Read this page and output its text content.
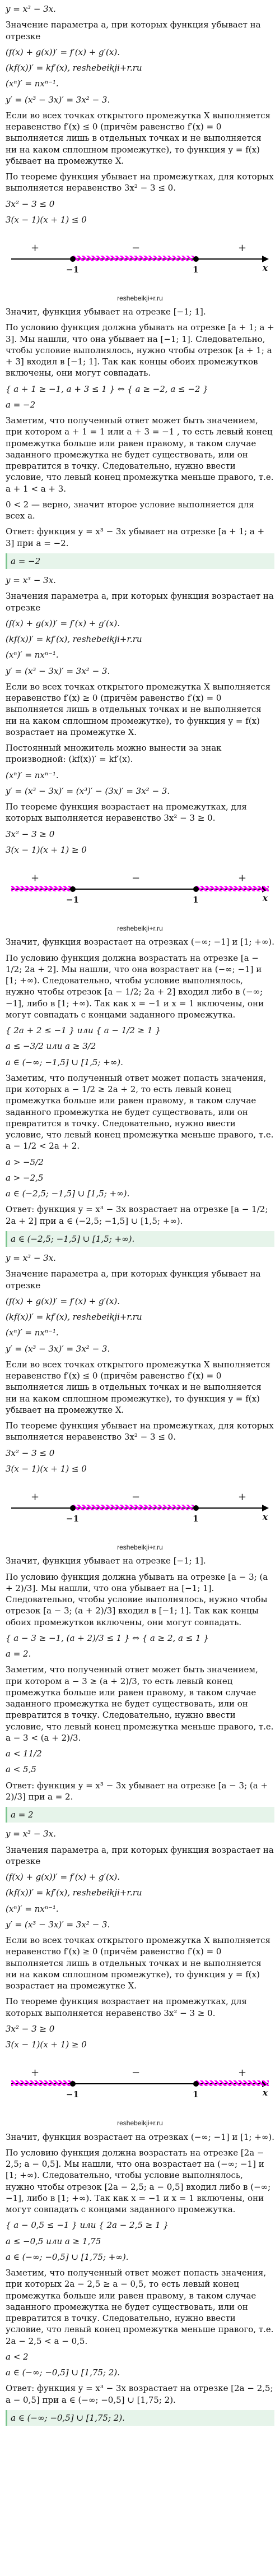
y = x³ − 3x.
Значение параметра a, при которых функция убывает на отрезке
(f(x) + g(x))′ = f′(x) + g′(x).
(kf(x))′ = kf′(x), reshebeikji+r.ru
(xⁿ)′ = nxⁿ⁻¹.
y′ = (x³ − 3x)′ = 3x² − 3.
Если во всех точках открытого промежутка X выполняется неравенство f′(x) ≤ 0 (причём равенство f′(x) = 0 выполняется лишь в отдельных точках и не выполняется ни на каком сплошном промежутке), то функция y = f(x) убывает на промежутке X.
По теореме функция убывает на промежутках, для которых выполняется неравенство 3x² − 3 ≤ 0.
3x² − 3 ≤ 0
3(x − 1)(x + 1) ≤ 0
−1	1
+	−	+
x
reshebeikji+r.ru
Значит, функция убывает на отрезке [−1; 1].
По условию функция должна убывать на отрезке [a + 1; a + 3]. Мы нашли, что она убывает на [−1; 1]. Следовательно, чтобы условие выполнялось, нужно чтобы отрезок [a + 1; a + 3] входил в [−1; 1]. Так как концы обоих промежутков включены, они могут совпадать.
{ a + 1 ≥ −1, a + 3 ≤ 1 } ⇔ { a ≥ −2, a ≤ −2 }
a = −2
Заметим, что полученный ответ может быть значением, при котором a + 1 = 1 или a + 3 = −1 , то есть левый конец промежутка больше или равен правому, в таком случае заданного промежутка не будет существовать, или он превратится в точку. Следовательно, нужно ввести условие, что левый конец промежутка меньше правого, т.е. a + 1 < a + 3.
0 < 2 — верно, значит второе условие выполняется для всех a.
Ответ: функция y = x³ − 3x убывает на отрезке [a + 1; a + 3] при a = −2.
a = −2
y = x³ − 3x.
Значения параметра a, при которых функция возрастает на отрезке
(f(x) + g(x))′ = f′(x) + g′(x).
(kf(x))′ = kf′(x), reshebeikji+r.ru
(xⁿ)′ = nxⁿ⁻¹.
y′ = (x³ − 3x)′ = 3x² − 3.
Если во всех точках открытого промежутка X выполняется неравенство f′(x) ≥ 0 (причём равенство f′(x) = 0 выполняется лишь в отдельных точках и не выполняется ни на каком сплошном промежутке), то функция y = f(x) возрастает на промежутке X.
Постоянный множитель можно вынести за знак производной: (kf(x))′ = kf′(x).
(xⁿ)′ = nxⁿ⁻¹.
y′ = (x³ − 3x)′ = (x³)′ − (3x)′ = 3x² − 3.
По теореме функция возрастает на промежутках, для которых выполняется неравенство 3x² − 3 ≥ 0.
3x² − 3 ≥ 0
3(x − 1)(x + 1) ≥ 0
−1	1
+	−	+
x
reshebeikji+r.ru
Значит, функция возрастает на отрезках (−∞; −1] и [1; +∞).
По условию функция должна возрастать на отрезке [a − 1/2; 2a + 2]. Мы нашли, что она возрастает на (−∞; −1] и [1; +∞). Следовательно, чтобы условие выполнялось, нужно чтобы отрезок [a − 1/2; 2a + 2] входил либо в (−∞; −1], либо в [1; +∞). Так как x = −1 и x = 1 включены, они могут совпадать с концами заданного промежутка.
{ 2a + 2 ≤ −1 } или { a − 1/2 ≥ 1 }
a ≤ −3/2 или a ≥ 3/2
a ∈ (−∞; −1,5] ∪ [1,5; +∞).
Заметим, что полученный ответ может попасть значения, при которых a − 1/2 ≥ 2a + 2, то есть левый конец промежутка больше или равен правому, в таком случае заданного промежутка не будет существовать, или он превратится в точку. Следовательно, нужно ввести условие, что левый конец промежутка меньше правого, т.е. a − 1/2 < 2a + 2.
a > −5/2
a > −2,5
a ∈ (−2,5; −1,5] ∪ [1,5; +∞).
Ответ: функция y = x³ − 3x возрастает на отрезке [a − 1/2; 2a + 2] при a ∈ (−2,5; −1,5] ∪ [1,5; +∞).
a ∈ (−2,5; −1,5] ∪ [1,5; +∞).
y = x³ − 3x.
Значение параметра a, при которых функция убывает на отрезке
(f(x) + g(x))′ = f′(x) + g′(x).
(kf(x))′ = kf′(x), reshebeikji+r.ru
(xⁿ)′ = nxⁿ⁻¹.
y′ = (x³ − 3x)′ = 3x² − 3.
Если во всех точках открытого промежутка X выполняется неравенство f′(x) ≤ 0 (причём равенство f′(x) = 0 выполняется лишь в отдельных точках и не выполняется ни на каком сплошном промежутке), то функция y = f(x) убывает на промежутке X.
По теореме функция убывает на промежутках, для которых выполняется неравенство 3x² − 3 ≤ 0.
3x² − 3 ≤ 0
3(x − 1)(x + 1) ≤ 0
−1	1
+	−	+
x
reshebeikji+r.ru
Значит, функция убывает на отрезке [−1; 1].
По условию функция должна убывать на отрезке [a − 3; (a + 2)/3]. Мы нашли, что она убывает на [−1; 1]. Следовательно, чтобы условие выполнялось, нужно чтобы отрезок [a − 3; (a + 2)/3] входил в [−1; 1]. Так как концы обоих промежутков включены, они могут совпадать.
{ a − 3 ≥ −1, (a + 2)/3 ≤ 1 } ⇔ { a ≥ 2, a ≤ 1 }
a = 2.
Заметим, что полученный ответ может быть значением, при котором a − 3 ≥ (a + 2)/3, то есть левый конец промежутка больше или равен правому, в таком случае заданного промежутка не будет существовать, или он превратится в точку. Следовательно, нужно ввести условие, что левый конец промежутка меньше правого, т.е. a − 3 < (a + 2)/3.
a < 11/2
a < 5,5
Ответ: функция y = x³ − 3x убывает на отрезке [a − 3; (a + 2)/3] при a = 2.
a = 2
y = x³ − 3x.
Значения параметра a, при которых функция возрастает на отрезке
(f(x) + g(x))′ = f′(x) + g′(x).
(kf(x))′ = kf′(x), reshebeikji+r.ru
(xⁿ)′ = nxⁿ⁻¹.
y′ = (x³ − 3x)′ = 3x² − 3.
Если во всех точках открытого промежутка X выполняется неравенство f′(x) ≥ 0 (причём равенство f′(x) = 0 выполняется лишь в отдельных точках и не выполняется ни на каком сплошном промежутке), то функция y = f(x) возрастает на промежутке X.
По теореме функция возрастает на промежутках, для которых выполняется неравенство 3x² − 3 ≥ 0.
3x² − 3 ≥ 0
3(x − 1)(x + 1) ≥ 0
−1	1
+	−	+
x
reshebeikji+r.ru
Значит, функция возрастает на отрезках (−∞; −1] и [1; +∞).
По условию функция должна возрастать на отрезке [2a − 2,5; a − 0,5]. Мы нашли, что она возрастает на (−∞; −1] и [1; +∞). Следовательно, чтобы условие выполнялось, нужно чтобы отрезок [2a − 2,5; a − 0,5] входил либо в (−∞; −1], либо в [1; +∞). Так как x = −1 и x = 1 включены, они могут совпадать с концами заданного промежутка.
{ a − 0,5 ≤ −1 } или { 2a − 2,5 ≥ 1 }
a ≤ −0,5 или a ≥ 1,75
a ∈ (−∞; −0,5] ∪ [1,75; +∞).
Заметим, что полученный ответ может попасть значения, при которых 2a − 2,5 ≥ a − 0,5, то есть левый конец промежутка больше или равен правому, в таком случае заданного промежутка не будет существовать, или он превратится в точку. Следовательно, нужно ввести условие, что левый конец промежутка меньше правого, т.е. 2a − 2,5 < a − 0,5.
a < 2
a ∈ (−∞; −0,5] ∪ [1,75; 2).
Ответ: функция y = x³ − 3x возрастает на отрезке [2a − 2,5; a − 0,5] при a ∈ (−∞; −0,5] ∪ [1,75; 2).
a ∈ (−∞; −0,5] ∪ [1,75; 2).
